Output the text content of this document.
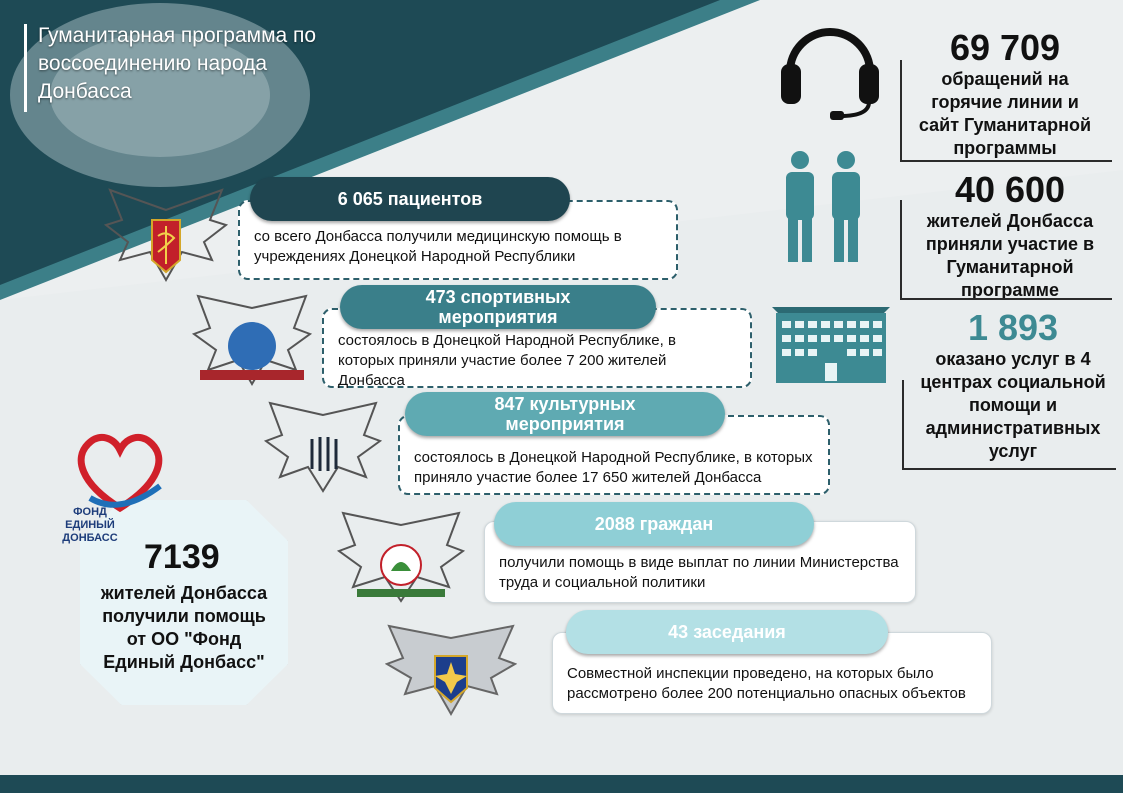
Гуманитарная программа по
воссоединению народа
Донбасса
69 709
обращений на
горячие линии и
сайт Гуманитарной
программы
40 600
жителей Донбасса
приняли участие в
Гуманитарной
программе
1 893
оказано услуг в 4
центрах социальной
помощи и
административных
услуг
со всего Донбасса получили медицинскую помощь в учреждениях Донецкой Народной Республики
6 065 пациентов
состоялось в Донецкой Народной Республике, в которых приняли участие более 7 200 жителей Донбасса
473 спортивных мероприятия
состоялось в Донецкой Народной Республике, в которых приняло участие более 17 650 жителей Донбасса
847 культурных мероприятия
получили помощь в виде выплат по линии Министерства труда и социальной политики
2088 граждан
Совместной инспекции проведено, на которых было рассмотрено более 200 потенциально опасных объектов
43 заседания
7139
жителей Донбасса
получили помощь
от ОО "Фонд
Единый Донбасс"
ФОНД
ЕДИНЫЙ
ДОНБАСС
